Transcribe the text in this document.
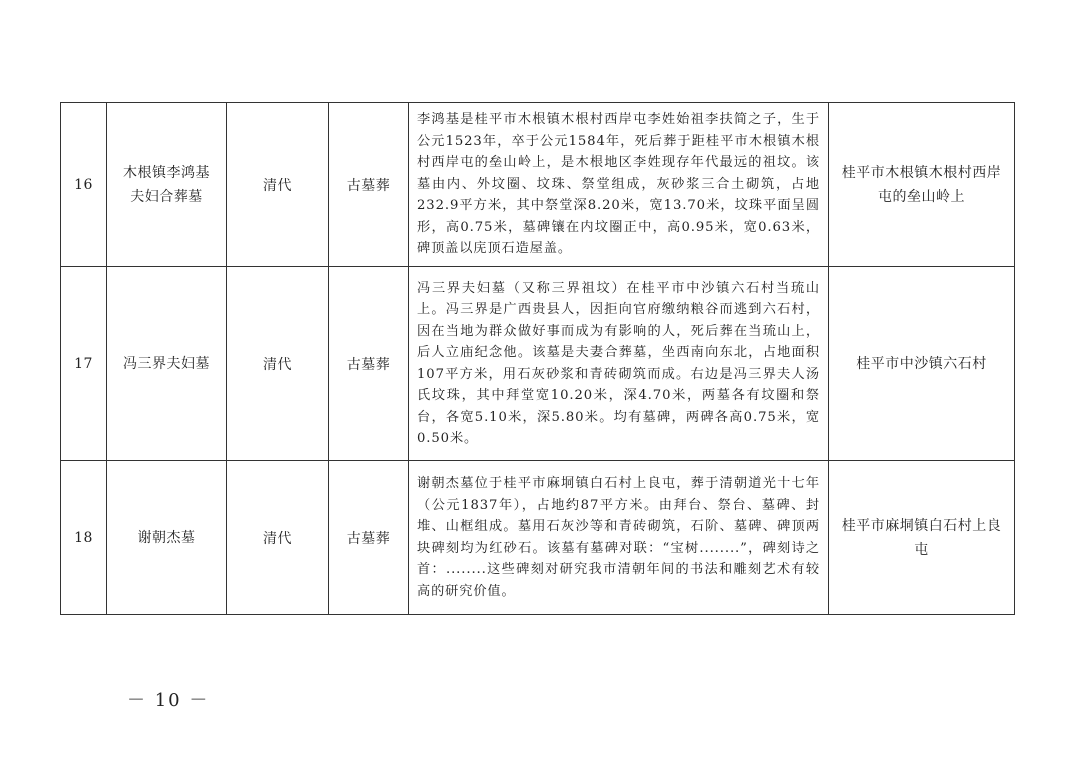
16	木根镇李鸿基夫妇合葬墓	清代	古墓葬	李鸿基是桂平市木根镇木根村西岸屯李姓始祖李扶简之子，生于公元1523年，卒于公元1584年，死后葬于距桂平市木根镇木根村西岸屯的垒山岭上，是木根地区李姓现存年代最远的祖坟。该墓由内、外坟圈、坟珠、祭堂组成，灰砂浆三合土砌筑，占地232.9平方米，其中祭堂深8.20米，宽13.70米，坟珠平面呈圆形，高0.75米，墓碑镶在内坟圈正中，高0.95米，宽0.63米，碑顶盖以庑顶石造屋盖。	桂平市木根镇木根村西岸屯的垒山岭上
17	冯三界夫妇墓	清代	古墓葬	冯三界夫妇墓（又称三界祖坟）在桂平市中沙镇六石村当琉山上。冯三界是广西贵县人，因拒向官府缴纳粮谷而逃到六石村，因在当地为群众做好事而成为有影响的人，死后葬在当琉山上，后人立庙纪念他。该墓是夫妻合葬墓，坐西南向东北，占地面积107平方米，用石灰砂浆和青砖砌筑而成。右边是冯三界夫人汤氏坟珠，其中拜堂宽10.20米，深4.70米，两墓各有坟圈和祭台，各宽5.10米，深5.80米。均有墓碑，两碑各高0.75米，宽0.50米。	桂平市中沙镇六石村
18	谢朝杰墓	清代	古墓葬	谢朝杰墓位于桂平市麻垌镇白石村上良屯，葬于清朝道光十七年（公元1837年），占地约87平方米。由拜台、祭台、墓碑、封堆、山框组成。墓用石灰沙等和青砖砌筑，石阶、墓碑、碑顶两块碑刻均为红砂石。该墓有墓碑对联：“宝树........”，碑刻诗之首：........这些碑刻对研究我市清朝年间的书法和雕刻艺术有较高的研究价值。	桂平市麻垌镇白石村上良屯
－ 10 －
